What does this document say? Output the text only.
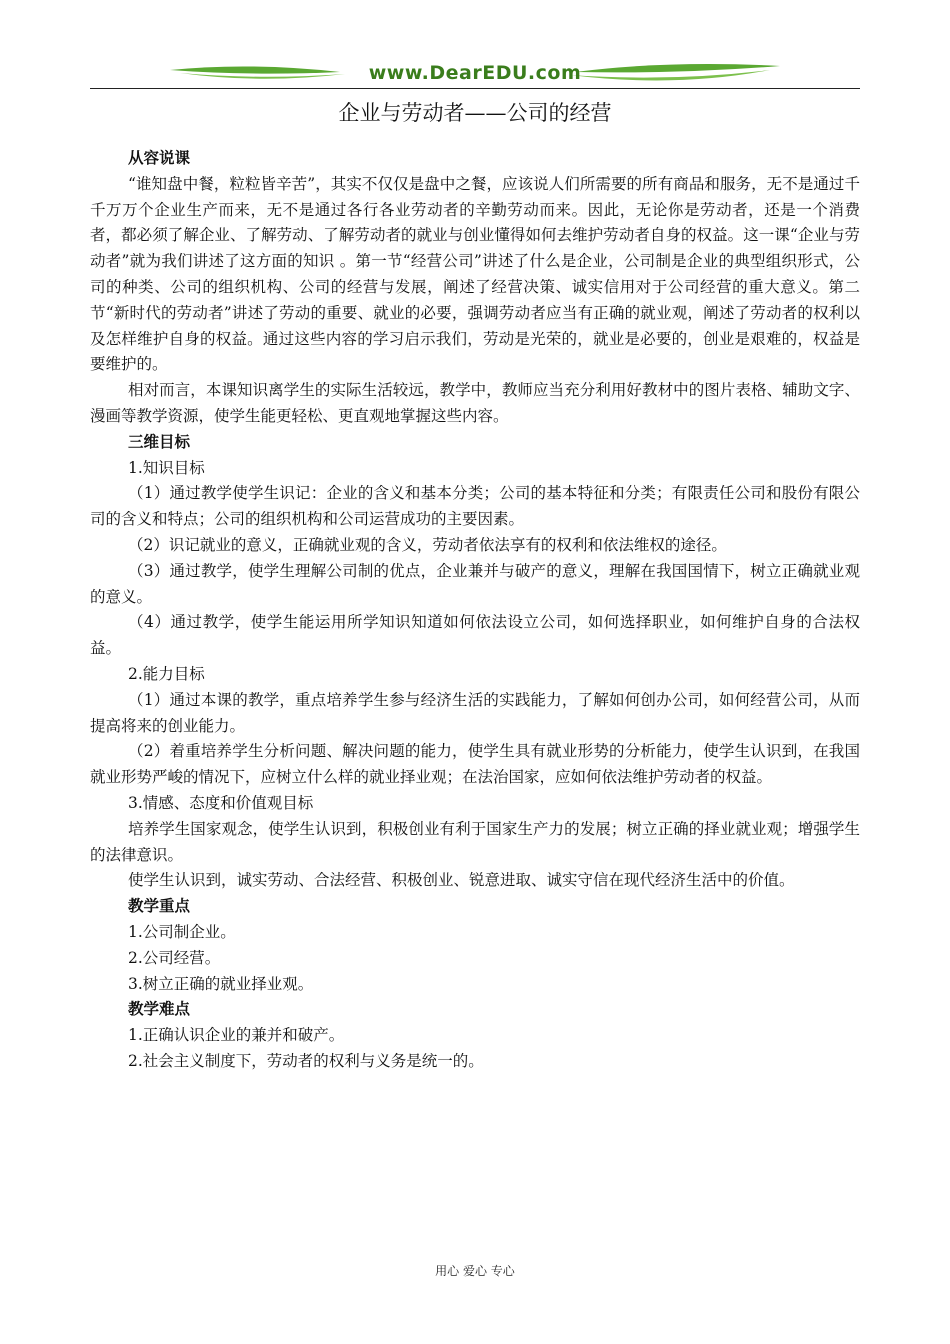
www.DearEDU.com
企业与劳动者——公司的经营

从容说课

“谁知盘中餐，粒粒皆辛苦”，其实不仅仅是盘中之餐，应该说人们所需要的所有商品和服务，无不是通过千千万万个企业生产而来，无不是通过各行各业劳动者的辛勤劳动而来。因此，无论你是劳动者，还是一个消费者，都必须了解企业、了解劳动、了解劳动者的就业与创业懂得如何去维护劳动者自身的权益。这一课“企业与劳动者”就为我们讲述了这方面的知识 。第一节“经营公司”讲述了什么是企业，公司制是企业的典型组织形式，公司的种类、公司的组织机构、公司的经营与发展，阐述了经营决策、诚实信用对于公司经营的重大意义。第二节“新时代的劳动者”讲述了劳动的重要、就业的必要，强调劳动者应当有正确的就业观，阐述了劳动者的权利以及怎样维护自身的权益。通过这些内容的学习启示我们，劳动是光荣的，就业是必要的，创业是艰难的，权益是要维护的。

相对而言，本课知识离学生的实际生活较远，教学中，教师应当充分利用好教材中的图片表格、辅助文字、漫画等教学资源，使学生能更轻松、更直观地掌握这些内容。

三维目标

1.知识目标

（1）通过教学使学生识记：企业的含义和基本分类；公司的基本特征和分类；有限责任公司和股份有限公司的含义和特点；公司的组织机构和公司运营成功的主要因素。

（2）识记就业的意义，正确就业观的含义，劳动者依法享有的权利和依法维权的途径。

（3）通过教学，使学生理解公司制的优点，企业兼并与破产的意义，理解在我国国情下，树立正确就业观的意义。

（4）通过教学，使学生能运用所学知识知道如何依法设立公司，如何选择职业，如何维护自身的合法权益。

2.能力目标

（1）通过本课的教学，重点培养学生参与经济生活的实践能力，了解如何创办公司，如何经营公司，从而提高将来的创业能力。

（2）着重培养学生分析问题、解决问题的能力，使学生具有就业形势的分析能力，使学生认识到，在我国就业形势严峻的情况下，应树立什么样的就业择业观；在法治国家，应如何依法维护劳动者的权益。

3.情感、态度和价值观目标

培养学生国家观念，使学生认识到，积极创业有利于国家生产力的发展；树立正确的择业就业观；增强学生的法律意识。

使学生认识到，诚实劳动、合法经营、积极创业、锐意进取、诚实守信在现代经济生活中的价值。

教学重点

1.公司制企业。

2.公司经营。

3.树立正确的就业择业观。

教学难点

1.正确认识企业的兼并和破产。

2.社会主义制度下，劳动者的权利与义务是统一的。

用心 爱心 专心
